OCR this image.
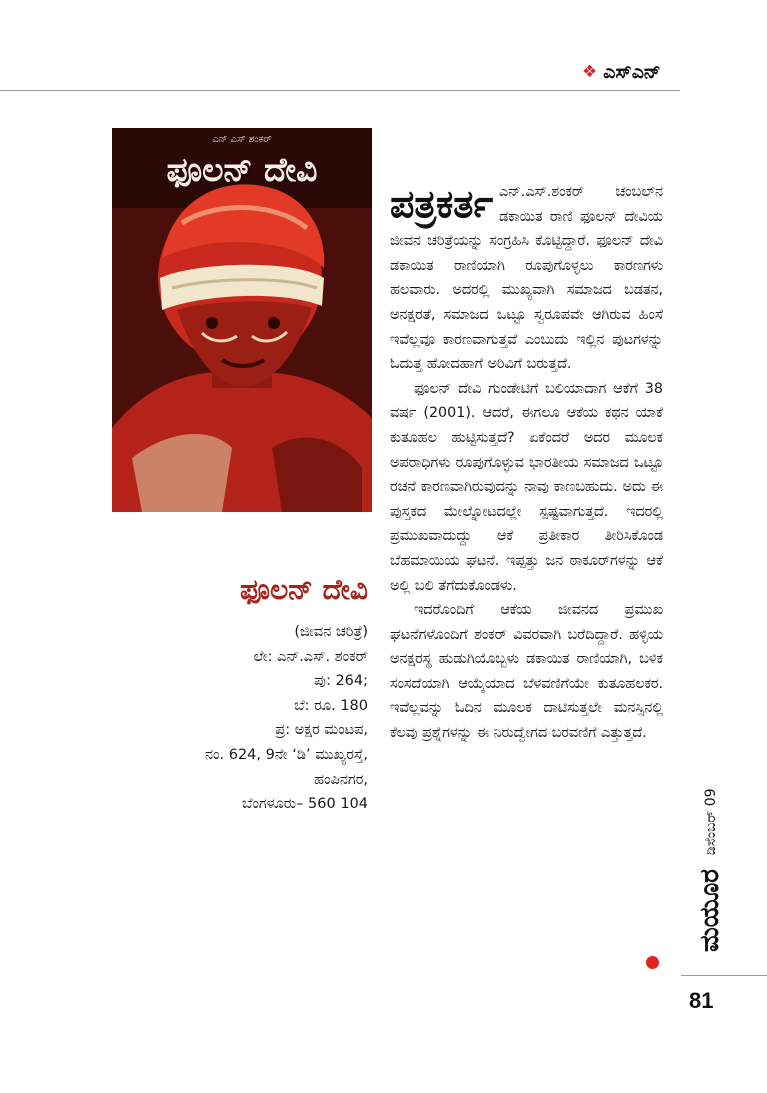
❖ ಎಸ್‌ಎನ್
ಎನ್ ಎಸ್ ಶಂಕರ್
ಫೂಲನ್ ದೇವಿ
ಫೂಲನ್ ದೇವಿ
(ಜೀವನ ಚರಿತ್ರೆ)
ಲೇ: ಎನ್.ಎಸ್. ಶಂಕರ್
ಪು: 264;
ಬೆ: ರೂ. 180
ಪ್ರ: ಅಕ್ಷರ ಮಂಟಪ,
ನಂ. 624, 9ನೇ ‘ಡಿ’ ಮುಖ್ಯರಸ್ತೆ,
ಹಂಪಿನಗರ,
ಬೆಂಗಳೂರು– 560 104

ಪತ್ರಕರ್ತ ಎನ್.ಎಸ್.ಶಂಕರ್ ಚಂಬಲ್‌ನ ಡಕಾಯಿತ ರಾಣಿ ಫೂಲನ್ ದೇವಿಯ ಜೀವನ ಚರಿತ್ರೆಯನ್ನು ಸಂಗ್ರಹಿಸಿ ಕೊಟ್ಟಿದ್ದಾರೆ. ಫೂಲನ್ ದೇವಿ ಡಕಾಯಿತ ರಾಣಿಯಾಗಿ ರೂಪುಗೊಳ್ಳಲು ಕಾರಣಗಳು ಹಲವಾರು. ಅದರಲ್ಲಿ ಮುಖ್ಯವಾಗಿ ಸಮಾಜದ ಬಡತನ, ಅನಕ್ಷರತೆ, ಸಮಾಜದ ಒಟ್ಟೂ ಸ್ವರೂಪವೇ ಆಗಿರುವ ಹಿಂಸೆ ಇವೆಲ್ಲವೂ ಕಾರಣವಾಗುತ್ತವೆ ಎಂಬುದು ಇಲ್ಲಿನ ಪುಟಗಳನ್ನು ಓದುತ್ತ ಹೋದಹಾಗೆ ಅರಿವಿಗೆ ಬರುತ್ತದೆ.

ಫೂಲನ್ ದೇವಿ ಗುಂಡೇಟಿಗೆ ಬಲಿಯಾದಾಗ ಆಕೆಗೆ 38 ವರ್ಷ (2001). ಆದರೆ, ಈಗಲೂ ಆಕೆಯ ಕಥನ ಯಾಕೆ ಕುತೂಹಲ ಹುಟ್ಟಿಸುತ್ತದೆ? ಏಕೆಂದರೆ ಅದರ ಮೂಲಕ ಅಪರಾಧಿಗಳು ರೂಪುಗೊಳ್ಳುವ ಭಾರತೀಯ ಸಮಾಜದ ಒಟ್ಟೂ ರಚನೆ ಕಾರಣವಾಗಿರುವುದನ್ನು ನಾವು ಕಾಣಬಹುದು. ಅದು ಈ ಪುಸ್ತಕದ ಮೇಲ್ನೋಟದಲ್ಲೇ ಸ್ಪಷ್ಟವಾಗುತ್ತದೆ. ಇದರಲ್ಲಿ ಪ್ರಮುಖವಾದುದ್ದು ಆಕೆ ಪ್ರತೀಕಾರ ತೀರಿಸಿಕೊಂಡ ಬೆಹಮಾಯಿಯ ಘಟನೆ. ಇಪ್ಪತ್ತು ಜನ ಠಾಕೂರ್‌ಗಳನ್ನು ಆಕೆ ಅಲ್ಲಿ ಬಲಿ ತೆಗೆದುಕೊಂಡಳು.

ಇದರೊಂದಿಗೆ ಆಕೆಯ ಜೀವನದ ಪ್ರಮುಖ ಘಟನೆಗಳೊಂದಿಗೆ ಶಂಕರ್ ವಿವರವಾಗಿ ಬರೆದಿದ್ದಾರೆ. ಹಳ್ಳಿಯ ಅನಕ್ಷರಸ್ಥ ಹುಡುಗಿಯೊಬ್ಬಳು ಡಕಾಯಿತ ರಾಣಿಯಾಗಿ, ಬಳಿಕ ಸಂಸದೆಯಾಗಿ ಆಯ್ಕೆಯಾದ ಬೆಳವಣಿಗೆಯೇ ಕುತೂಹಲಕರ. ಇವೆಲ್ಲವನ್ನು ಓದಿನ ಮೂಲಕ ದಾಟಿಸುತ್ತಲೇ ಮನಸ್ಸಿನಲ್ಲಿ ಕೆಲವು ಪ್ರಶ್ನೆಗಳನ್ನು ಈ ನಿರುದ್ವೇಗದ ಬರವಣಿಗೆ ಎತ್ತುತ್ತದೆ.

ಮಯೂರ
ಡಿಸೆಂಬರ್ 09
81
